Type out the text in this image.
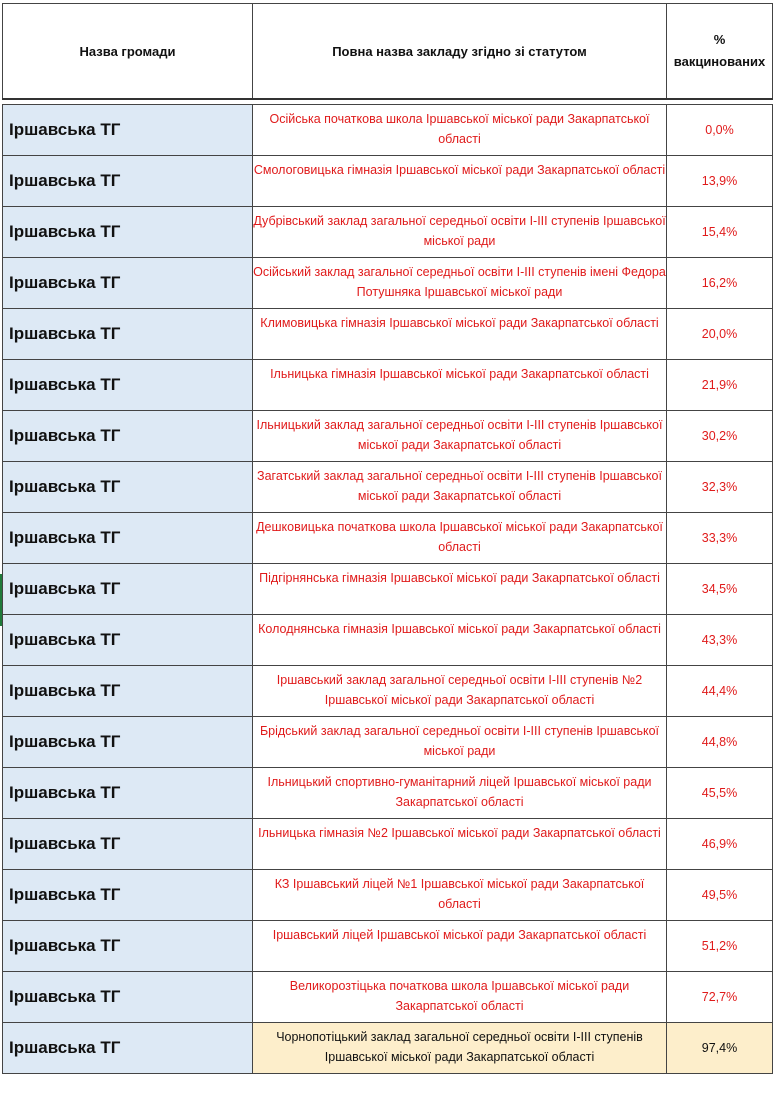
Назва громади	Повна назва закладу згідно зі статутом	%
вакцинованих

Іршавська ТГ	Осійська початкова школа Іршавської міської ради Закарпатської області	0,0%
Іршавська ТГ	Смологовицька гімназія Іршавської міської ради Закарпатської області	13,9%
Іршавська ТГ	Дубрівський заклад загальної середньої освіти І-ІІІ ступенів Іршавської міської ради	15,4%
Іршавська ТГ	Осійський заклад загальної середньої освіти І-ІІІ ступенів імені Федора Потушняка Іршавської міської ради	16,2%
Іршавська ТГ	Климовицька гімназія Іршавської міської ради Закарпатської області	20,0%
Іршавська ТГ	Ільницька гімназія Іршавської міської ради Закарпатської області	21,9%
Іршавська ТГ	Ільницький заклад загальної середньої освіти І-ІІІ ступенів Іршавської міської ради Закарпатської області	30,2%
Іршавська ТГ	Загатський заклад загальної середньої освіти І-ІІІ ступенів Іршавської міської ради Закарпатської області	32,3%
Іршавська ТГ	Дешковицька початкова школа Іршавської міської ради Закарпатської області	33,3%
Іршавська ТГ	Підгірнянська гімназія Іршавської міської ради Закарпатської області	34,5%
Іршавська ТГ	Колоднянська гімназія Іршавської міської ради Закарпатської області	43,3%
Іршавська ТГ	Іршавський заклад загальної середньої освіти І-ІІІ ступенів №2 Іршавської міської ради Закарпатської області	44,4%
Іршавська ТГ	Брідський заклад загальної середньої освіти І-ІІІ ступенів Іршавської міської ради	44,8%
Іршавська ТГ	Ільницький спортивно-гуманітарний ліцей Іршавської міської ради Закарпатської області	45,5%
Іршавська ТГ	Ільницька гімназія №2 Іршавської міської ради Закарпатської області	46,9%
Іршавська ТГ	КЗ Іршавський ліцей №1 Іршавської міської ради Закарпатської області	49,5%
Іршавська ТГ	Іршавський ліцей Іршавської міської ради Закарпатської області	51,2%
Іршавська ТГ	Великорозтіцька початкова школа Іршавської міської ради Закарпатської області	72,7%
Іршавська ТГ	Чорнопотіцький заклад загальної середньої освіти І-ІІІ ступенів Іршавської міської ради Закарпатської області	97,4%
